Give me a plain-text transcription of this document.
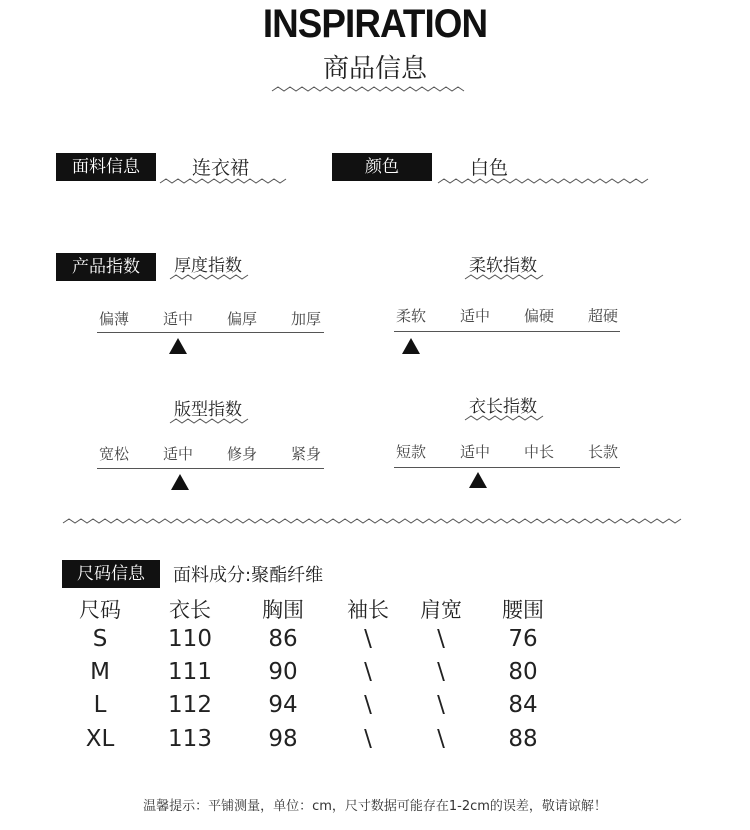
INSPIRATION
商品信息
面料信息	连衣裙	颜色	白色
产品指数	厚度指数
偏薄	适中	偏厚	加厚
柔软指数
柔软	适中	偏硬	超硬
版型指数
宽松	适中	修身	紧身
衣长指数
短款	适中	中长	长款
尺码信息	面料成分:聚酯纤维
尺码	衣长	胸围	袖长	肩宽	腰围
S	110	86	\	\	76
M	111	90	\	\	80
L	112	94	\	\	84
XL	113	98	\	\	88
温馨提示：平铺测量，单位：cm，尺寸数据可能存在1-2cm的误差，敬请谅解！
